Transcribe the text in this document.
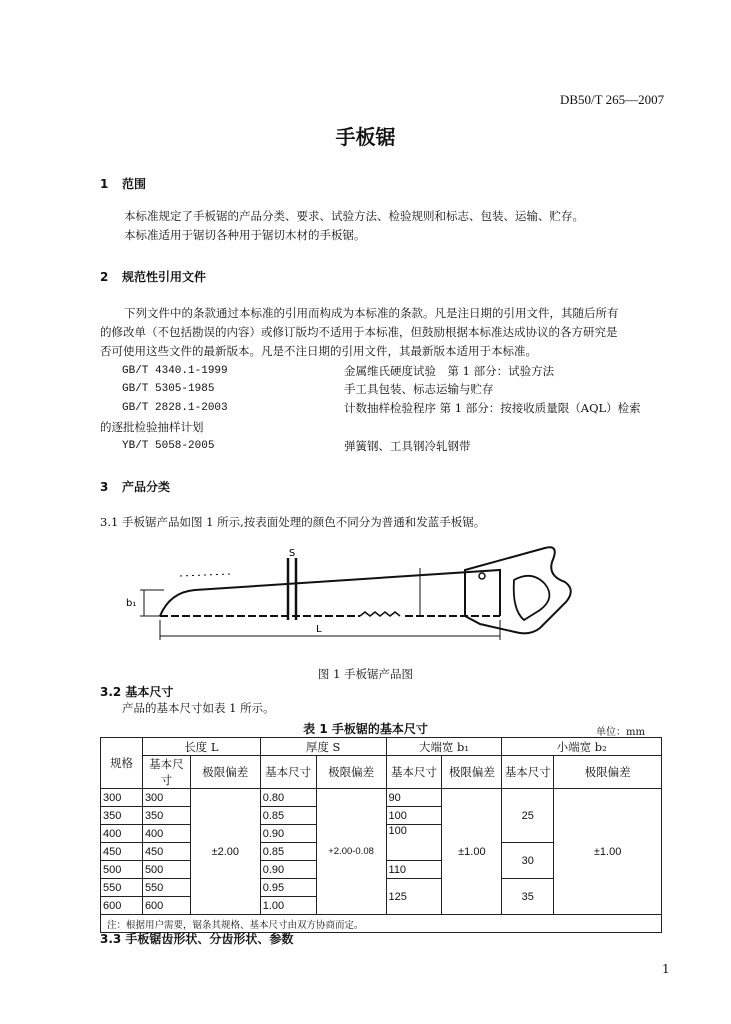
DB50/T 265—2007
手板锯
1 范围

本标准规定了手板锯的产品分类、要求、试验方法、检验规则和标志、包装、运输、贮存。

本标准适用于锯切各种用于锯切木材的手板锯。

2 规范性引用文件

下列文件中的条款通过本标准的引用而构成为本标准的条款。凡是注日期的引用文件，其随后所有

的修改单（不包括勘误的内容）或修订版均不适用于本标准，但鼓励根据本标准达成协议的各方研究是
否可使用这些文件的最新版本。凡是不注日期的引用文件，其最新版本适用于本标准。
GB/T 4340.1-1999	金属维氏硬度试验　第 1 部分：试验方法
GB/T 5305-1985	手工具包装、标志运输与贮存
GB/T 2828.1-2003	计数抽样检验程序 第 1 部分：按接收质量限（AQL）检索
的逐批检验抽样计划
YB/T 5058-2005	弹簧钢、工具钢冷轧钢带
3 产品分类
3.1 手板锯产品如图 1 所示,按表面处理的颜色不同分为普通和发蓝手板锯。
S
b₁
L
图 1 手板锯产品图
3.2 基本尺寸
产品的基本尺寸如表 1 所示。
表 1 手板锯的基本尺寸	单位：mm
规格	长度 L		厚度 S		大端宽 b₁		小端宽 b₂	
	基本尺寸	极限偏差	基本尺寸	极限偏差	基本尺寸	极限偏差	基本尺寸	极限偏差
300	300	±2.00	0.80	+2.00-0.08	90	±1.00	25	±1.00
350	350		0.85		100			
400	400		0.90		100			
450	450		0.85				30	
500	500		0.90		110			
550	550		0.95		125		35	
600	600		1.00					
注：根据用户需要，锯条其规格、基本尺寸由双方协商而定。								
3.3 手板锯齿形状、分齿形状、参数
1
